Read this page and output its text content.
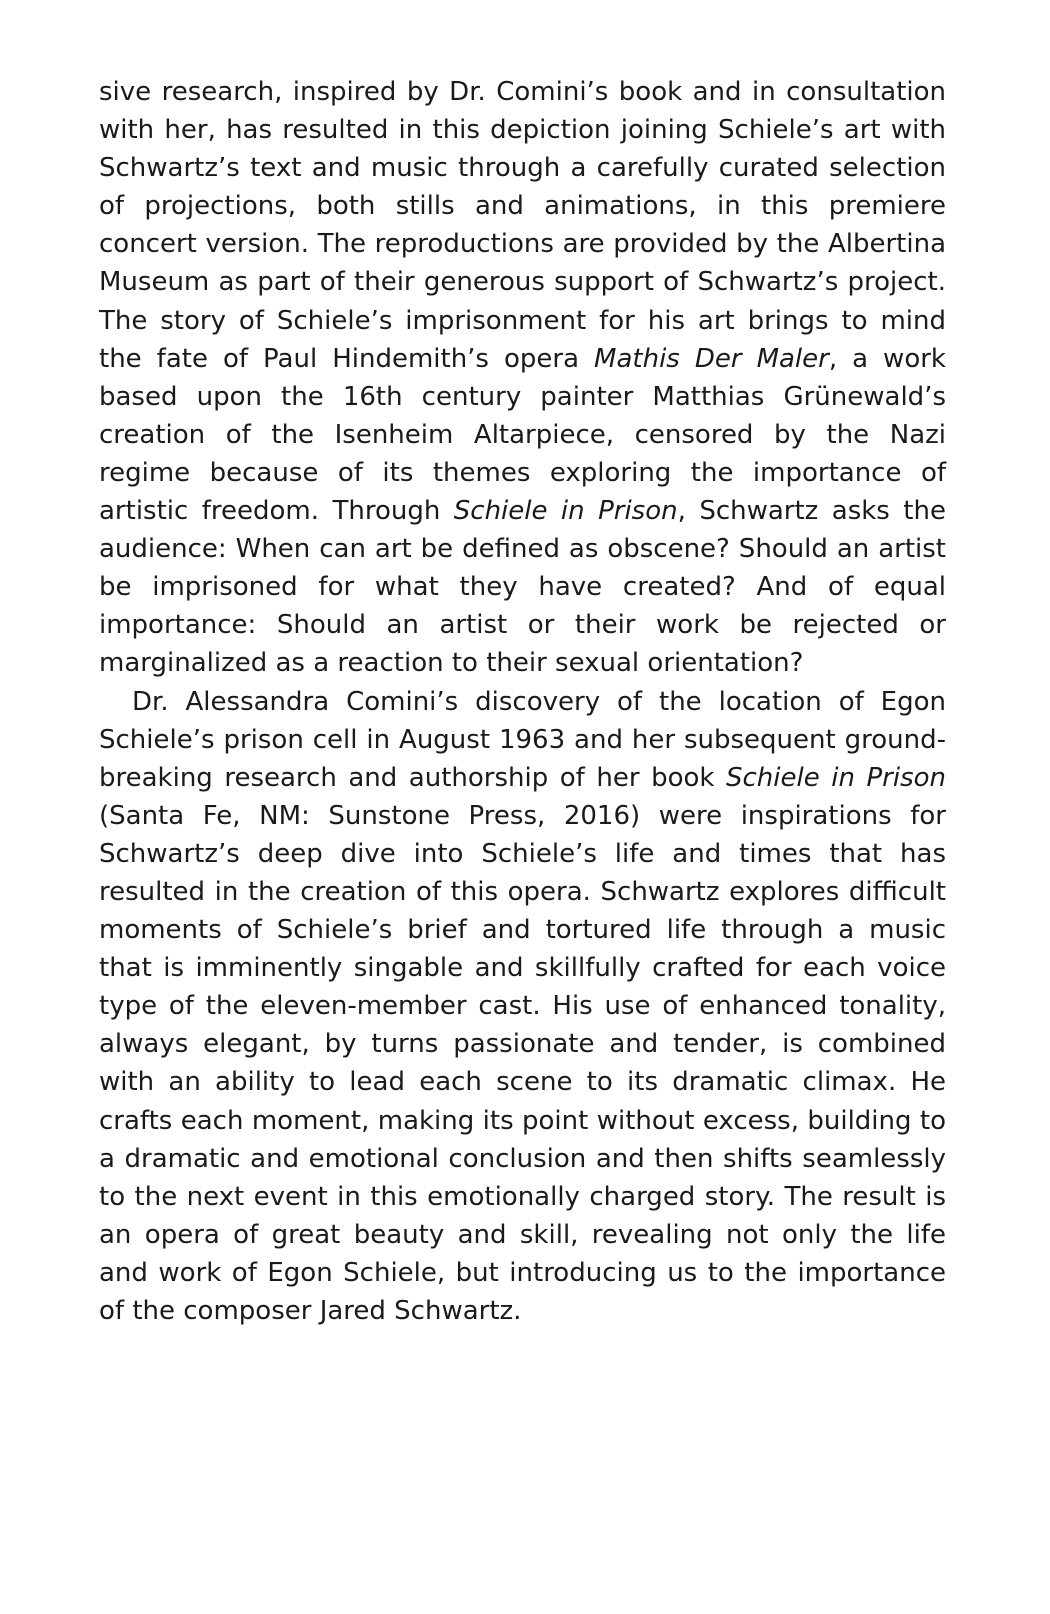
sive research, inspired by Dr. Comini’s book and in consultation with her, has resulted in this depiction joining Schiele’s art with Schwartz’s text and music through a carefully curated selection of projections, both stills and animations, in this premiere concert version. The reproductions are provided by the Albertina Museum as part of their generous support of Schwartz’s project. The story of Schiele’s imprisonment for his art brings to mind the fate of Paul Hindemith’s opera Mathis Der Maler, a work based upon the 16th century painter Matthias Grünewald’s creation of the Isenheim Altarpiece, censored by the Nazi regime because of its themes exploring the importance of artistic freedom. Through Schiele in Prison, Schwartz asks the audience: When can art be defined as obscene? Should an artist be imprisoned for what they have created? And of equal importance: Should an artist or their work be rejected or marginalized as a reaction to their sexual orientation?

Dr. Alessandra Comini’s discovery of the location of Egon Schiele’s prison cell in August 1963 and her subsequent ground-breaking research and authorship of her book Schiele in Prison (Santa Fe, NM: Sunstone Press, 2016) were inspirations for Schwartz’s deep dive into Schiele’s life and times that has resulted in the creation of this opera. Schwartz explores difficult moments of Schiele’s brief and tortured life through a music that is imminently singable and skillfully crafted for each voice type of the eleven-member cast. His use of enhanced tonality, always elegant, by turns passionate and tender, is combined with an ability to lead each scene to its dramatic climax. He crafts each moment, making its point without excess, building to a dramatic and emotional conclusion and then shifts seamlessly to the next event in this emotionally charged story. The result is an opera of great beauty and skill, revealing not only the life and work of Egon Schiele, but introducing us to the importance of the composer Jared Schwartz.
